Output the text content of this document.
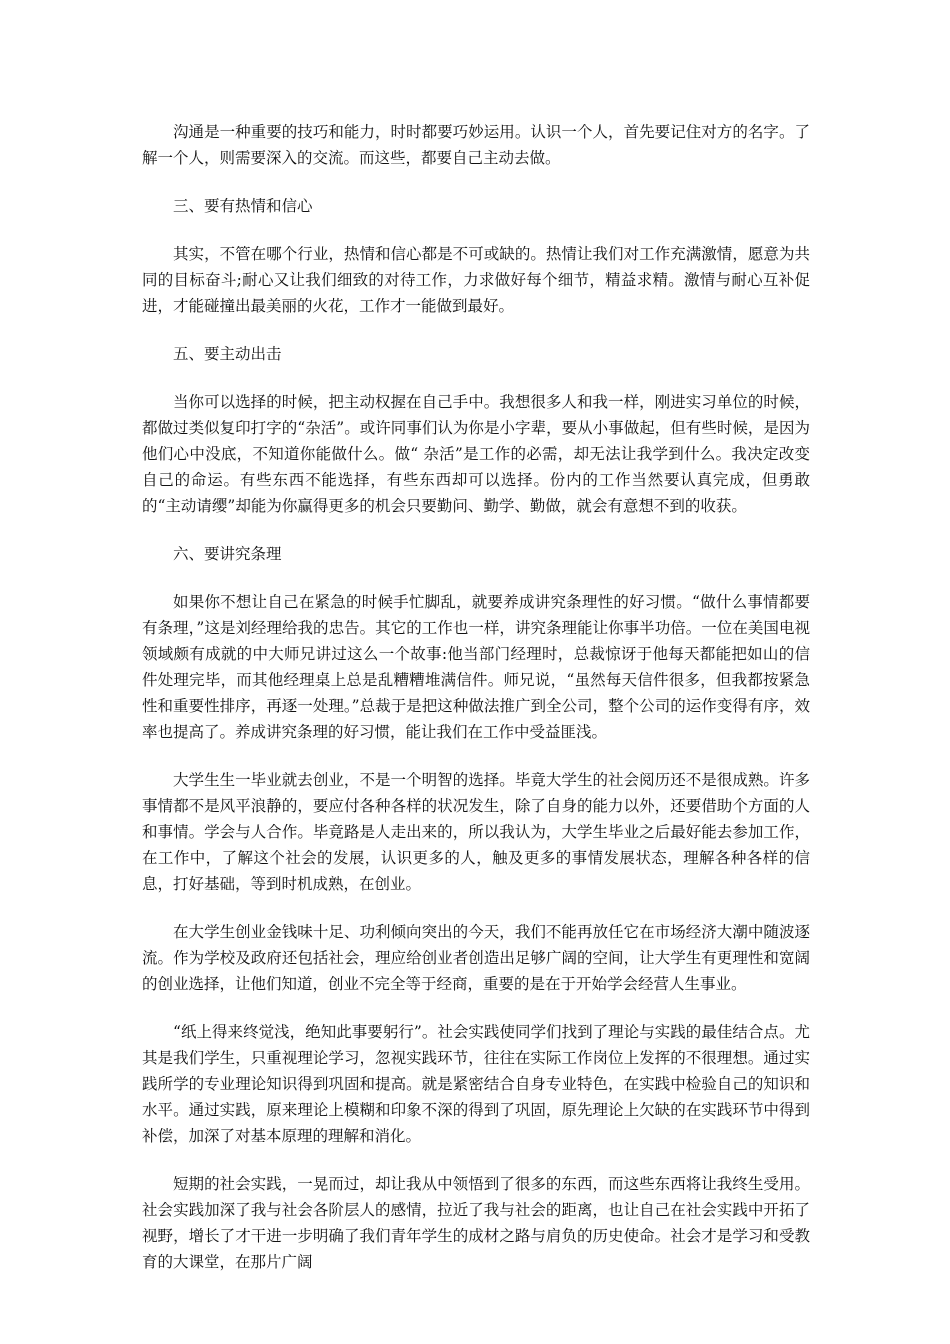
沟通是一种重要的技巧和能力，时时都要巧妙运用。认识一个人，首先要记住对方的名字。了解一个人，则需要深入的交流。而这些，都要自己主动去做。

三、要有热情和信心

其实，不管在哪个行业，热情和信心都是不可或缺的。热情让我们对工作充满激情，愿意为共同的目标奋斗;耐心又让我们细致的对待工作，力求做好每个细节，精益求精。激情与耐心互补促进，才能碰撞出最美丽的火花，工作才一能做到最好。

五、要主动出击

当你可以选择的时候，把主动权握在自己手中。我想很多人和我一样，刚进实习单位的时候，都做过类似复印打字的“杂活”。或许同事们认为你是小字辈，要从小事做起，但有些时候，是因为他们心中没底，不知道你能做什么。做“ 杂活”是工作的必需，却无法让我学到什么。我决定改变自己的命运。有些东西不能选择，有些东西却可以选择。份内的工作当然要认真完成，但勇敢的“主动请缨”却能为你赢得更多的机会只要勤问、勤学、勤做，就会有意想不到的收获。

六、要讲究条理

如果你不想让自己在紧急的时候手忙脚乱，就要养成讲究条理性的好习惯。“做什么事情都要有条理，”这是刘经理给我的忠告。其它的工作也一样，讲究条理能让你事半功倍。一位在美国电视领域颇有成就的中大师兄讲过这么一个故事:他当部门经理时，总裁惊讶于他每天都能把如山的信件处理完毕，而其他经理桌上总是乱糟糟堆满信件。师兄说，“虽然每天信件很多，但我都按紧急性和重要性排序，再逐一处理。”总裁于是把这种做法推广到全公司，整个公司的运作变得有序，效率也提高了。养成讲究条理的好习惯，能让我们在工作中受益匪浅。

大学生生一毕业就去创业，不是一个明智的选择。毕竟大学生的社会阅历还不是很成熟。许多事情都不是风平浪静的，要应付各种各样的状况发生，除了自身的能力以外，还要借助个方面的人和事情。学会与人合作。毕竟路是人走出来的，所以我认为，大学生毕业之后最好能去参加工作，在工作中，了解这个社会的发展，认识更多的人，触及更多的事情发展状态，理解各种各样的信息，打好基础，等到时机成熟，在创业。

在大学生创业金钱味十足、功利倾向突出的今天，我们不能再放任它在市场经济大潮中随波逐流。作为学校及政府还包括社会，理应给创业者创造出足够广阔的空间，让大学生有更理性和宽阔的创业选择，让他们知道，创业不完全等于经商，重要的是在于开始学会经营人生事业。

“纸上得来终觉浅，绝知此事要躬行”。社会实践使同学们找到了理论与实践的最佳结合点。尤其是我们学生，只重视理论学习，忽视实践环节，往往在实际工作岗位上发挥的不很理想。通过实践所学的专业理论知识得到巩固和提高。就是紧密结合自身专业特色，在实践中检验自己的知识和水平。通过实践，原来理论上模糊和印象不深的得到了巩固，原先理论上欠缺的在实践环节中得到补偿，加深了对基本原理的理解和消化。

短期的社会实践，一晃而过，却让我从中领悟到了很多的东西，而这些东西将让我终生受用。社会实践加深了我与社会各阶层人的感情，拉近了我与社会的距离，也让自己在社会实践中开拓了视野，增长了才干进一步明确了我们青年学生的成材之路与肩负的历史使命。社会才是学习和受教育的大课堂，在那片广阔
